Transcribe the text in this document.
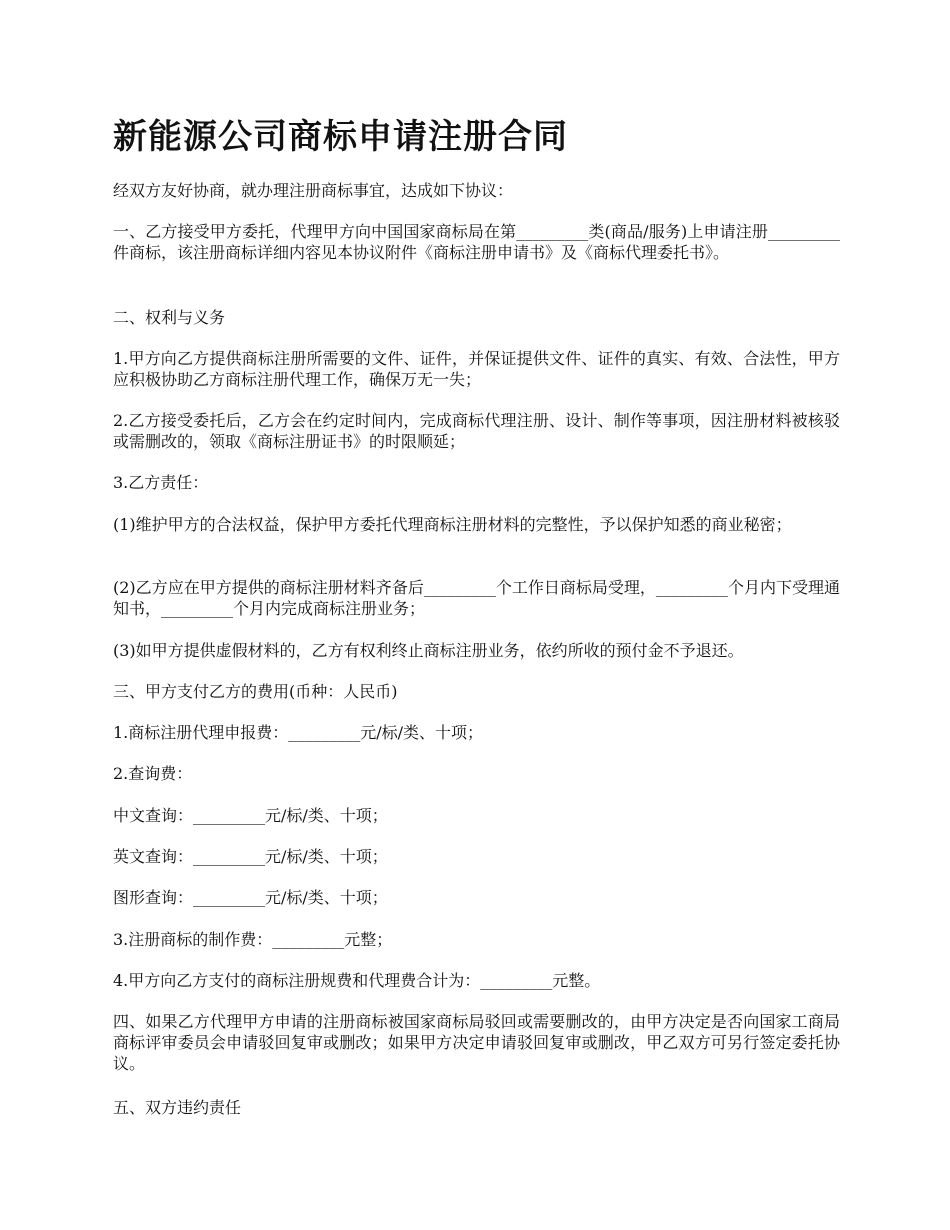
新能源公司商标申请注册合同

经双方友好协商，就办理注册商标事宜，达成如下协议：

一、乙方接受甲方委托，代理甲方向中国国家商标局在第_________类(商品/服务)上申请注册_________件商标，该注册商标详细内容见本协议附件《商标注册申请书》及《商标代理委托书》。

二、权利与义务

1.甲方向乙方提供商标注册所需要的文件、证件，并保证提供文件、证件的真实、有效、合法性，甲方应积极协助乙方商标注册代理工作，确保万无一失；

2.乙方接受委托后，乙方会在约定时间内，完成商标代理注册、设计、制作等事项，因注册材料被核驳或需删改的，领取《商标注册证书》的时限顺延；

3.乙方责任：

(1)维护甲方的合法权益，保护甲方委托代理商标注册材料的完整性，予以保护知悉的商业秘密；

(2)乙方应在甲方提供的商标注册材料齐备后_________个工作日商标局受理，_________个月内下受理通知书，_________个月内完成商标注册业务；

(3)如甲方提供虚假材料的，乙方有权利终止商标注册业务，依约所收的预付金不予退还。

三、甲方支付乙方的费用(币种：人民币)

1.商标注册代理申报费：_________元/标/类、十项；

2.查询费：

中文查询：_________元/标/类、十项；

英文查询：_________元/标/类、十项；

图形查询：_________元/标/类、十项；

3.注册商标的制作费：_________元整；

4.甲方向乙方支付的商标注册规费和代理费合计为：_________元整。

四、如果乙方代理甲方申请的注册商标被国家商标局驳回或需要删改的，由甲方决定是否向国家工商局商标评审委员会申请驳回复审或删改；如果甲方决定申请驳回复审或删改，甲乙双方可另行签定委托协议。

五、双方违约责任
